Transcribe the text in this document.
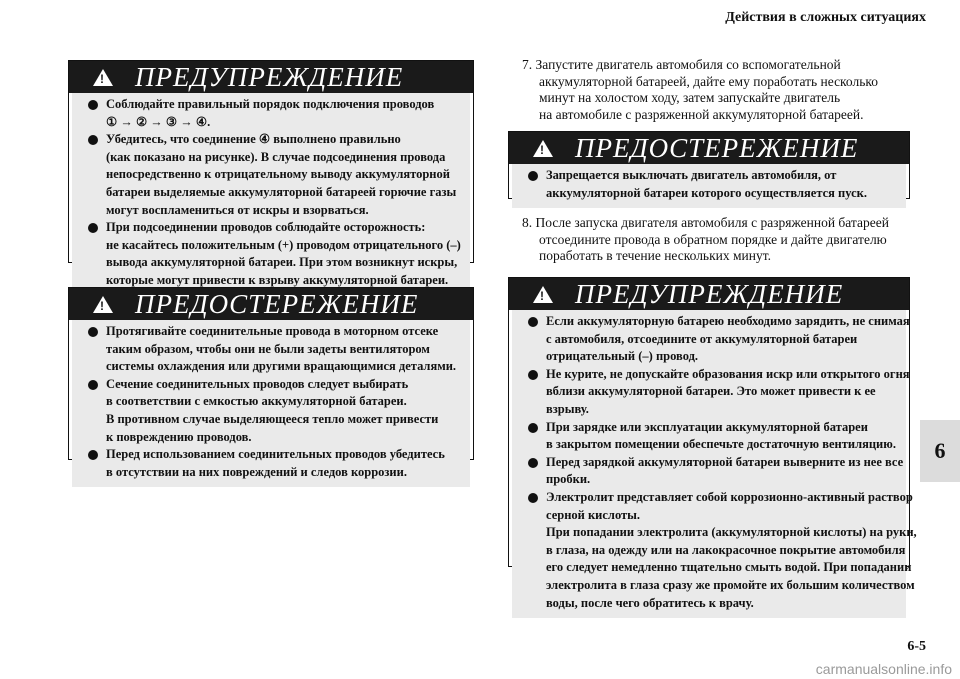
Действия в сложных ситуациях
!
ПРЕДУПРЕЖДЕНИЕ
Соблюдайте правильный порядок подключения проводов
① → ② → ③ → ④.
Убедитесь, что соединение ④ выполнено правильно
(как показано на рисунке). В случае подсоединения провода
непосредственно к отрицательному выводу аккумуляторной
батареи выделяемые аккумуляторной батареей горючие газы
могут воспламениться от искры и взорваться.
При подсоединении проводов соблюдайте осторожность:
не касайтесь положительным (+) проводом отрицательного (–)
вывода аккумуляторной батареи. При этом возникнут искры,
которые могут привести к взрыву аккумуляторной батареи.
!
ПРЕДОСТЕРЕЖЕНИЕ
Протягивайте соединительные провода в моторном отсеке
таким образом, чтобы они не были задеты вентилятором
системы охлаждения или другими вращающимися деталями.
Сечение соединительных проводов следует выбирать
в соответствии с емкостью аккумуляторной батареи.
В противном случае выделяющееся тепло может привести
к повреждению проводов.
Перед использованием соединительных проводов убедитесь
в отсутствии на них повреждений и следов коррозии.
7. Запустите двигатель автомобиля со вспомогательной
аккумуляторной батареей, дайте ему поработать несколько
минут на холостом ходу, затем запускайте двигатель
на автомобиле с разряженной аккумуляторной батареей.
!
ПРЕДОСТЕРЕЖЕНИЕ
Запрещается выключать двигатель автомобиля, от
аккумуляторной батареи которого осуществляется пуск.
8. После запуска двигателя автомобиля с разряженной батареей
отсоедините провода в обратном порядке и дайте двигателю
поработать в течение нескольких минут.
!
ПРЕДУПРЕЖДЕНИЕ
Если аккумуляторную батарею необходимо зарядить, не снимая
с автомобиля, отсоедините от аккумуляторной батареи
отрицательный (–) провод.
Не курите, не допускайте образования искр или открытого огня
вблизи аккумуляторной батареи. Это может привести к ее
взрыву.
При зарядке или эксплуатации аккумуляторной батареи
в закрытом помещении обеспечьте достаточную вентиляцию.
Перед зарядкой аккумуляторной батареи выверните из нее все
пробки.
Электролит представляет собой коррозионно-активный раствор
серной кислоты.
При попадании электролита (аккумуляторной кислоты) на руки,
в глаза, на одежду или на лакокрасочное покрытие автомобиля
его следует немедленно тщательно смыть водой. При попадании
электролита в глаза сразу же промойте их большим количеством
воды, после чего обратитесь к врачу.
6
6-5
carmanualsonline.info
